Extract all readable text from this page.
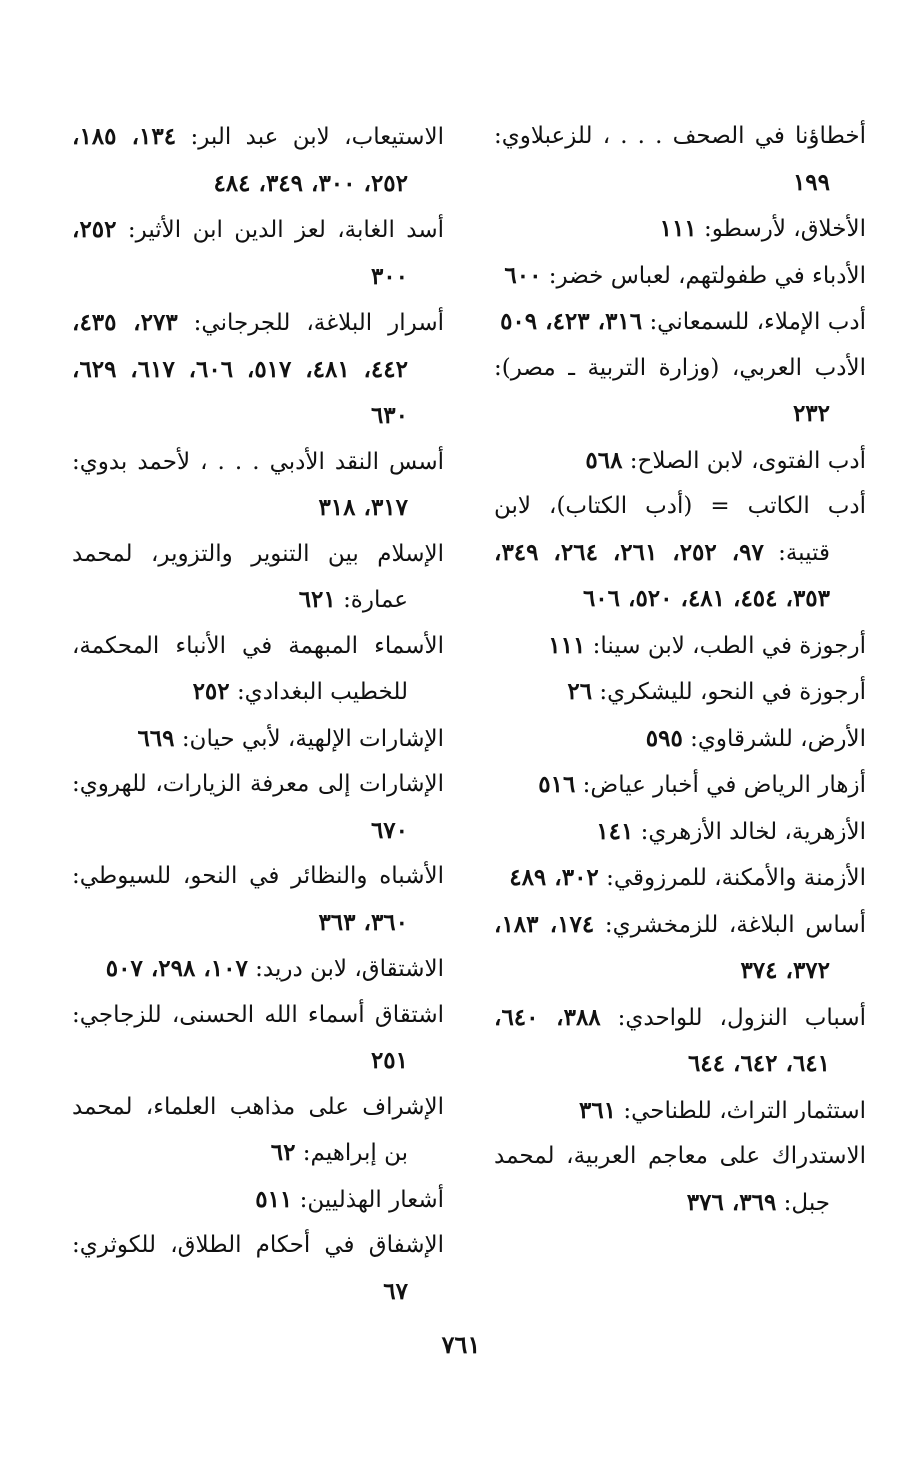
أخطاؤنا في الصحف . . . ، للزعبلاوي: ١٩٩

الأخلاق، لأرسطو: ١١١

الأدباء في طفولتهم، لعباس خضر: ٦٠٠

أدب الإملاء، للسمعاني: ٣١٦، ٤٢٣، ٥٠٩

الأدب العربي، (وزارة التربية ـ مصر): ٢٣٢

أدب الفتوى، لابن الصلاح: ٥٦٨

أدب الكاتب = (أدب الكتاب)، لابن قتيبة: ٩٧، ٢٥٢، ٢٦١، ٢٦٤، ٣٤٩، ٣٥٣، ٤٥٤، ٤٨١، ٥٢٠، ٦٠٦

أرجوزة في الطب، لابن سينا: ١١١

أرجوزة في النحو، لليشكري: ٢٦

الأرض، للشرقاوي: ٥٩٥

أزهار الرياض في أخبار عياض: ٥١٦

الأزهرية، لخالد الأزهري: ١٤١

الأزمنة والأمكنة، للمرزوقي: ٣٠٢، ٤٨٩

أساس البلاغة، للزمخشري: ١٧٤، ١٨٣، ٣٧٢، ٣٧٤

أسباب النزول، للواحدي: ٣٨٨، ٦٤٠، ٦٤١، ٦٤٢، ٦٤٤

استثمار التراث، للطناحي: ٣٦١

الاستدراك على معاجم العربية، لمحمد جبل: ٣٦٩، ٣٧٦

الاستيعاب، لابن عبد البر: ١٣٤، ١٨٥، ٢٥٢، ٣٠٠، ٣٤٩، ٤٨٤

أسد الغابة، لعز الدين ابن الأثير: ٢٥٢، ٣٠٠

أسرار البلاغة، للجرجاني: ٢٧٣، ٤٣٥، ٤٤٢، ٤٨١، ٥١٧، ٦٠٦، ٦١٧، ٦٢٩، ٦٣٠

أسس النقد الأدبي . . . ، لأحمد بدوي: ٣١٧، ٣١٨

الإسلام بين التنوير والتزوير، لمحمد عمارة: ٦٢١

الأسماء المبهمة في الأنباء المحكمة، للخطيب البغدادي: ٢٥٢

الإشارات الإلهية، لأبي حيان: ٦٦٩

الإشارات إلى معرفة الزيارات، للهروي: ٦٧٠

الأشباه والنظائر في النحو، للسيوطي: ٣٦٠، ٣٦٣

الاشتقاق، لابن دريد: ١٠٧، ٢٩٨، ٥٠٧

اشتقاق أسماء الله الحسنى، للزجاجي: ٢٥١

الإشراف على مذاهب العلماء، لمحمد بن إبراهيم: ٦٢

أشعار الهذليين: ٥١١

الإشفاق في أحكام الطلاق، للكوثري: ٦٧

٧٦١
